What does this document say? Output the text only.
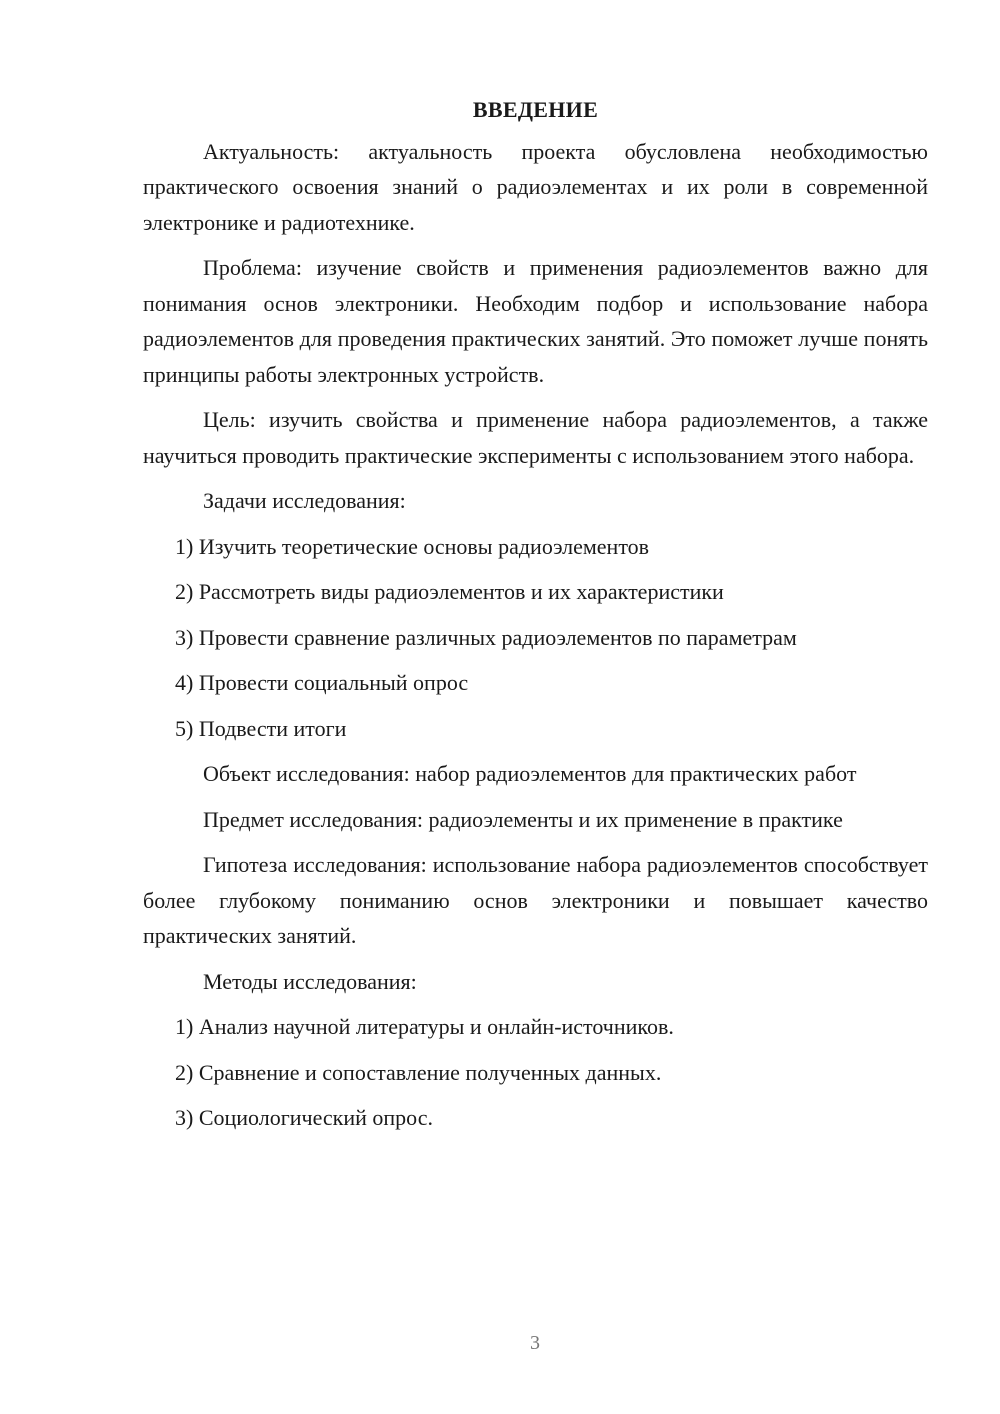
ВВЕДЕНИЕ

Актуальность: актуальность проекта обусловлена необходимостью практического освоения знаний о радиоэлементах и их роли в современной электронике и радиотехнике.

Проблема: изучение свойств и применения радиоэлементов важно для понимания основ электроники. Необходим подбор и использование набора радиоэлементов для проведения практических занятий. Это поможет лучше понять принципы работы электронных устройств.

Цель: изучить свойства и применение набора радиоэлементов, а также научиться проводить практические эксперименты с использованием этого набора.

Задачи исследования:

1) Изучить теоретические основы радиоэлементов

2) Рассмотреть виды радиоэлементов и их характеристики

3) Провести сравнение различных радиоэлементов по параметрам

4) Провести социальный опрос

5) Подвести итоги

Объект исследования: набор радиоэлементов для практических работ

Предмет исследования: радиоэлементы и их применение в практике

Гипотеза исследования: использование набора радиоэлементов способствует более глубокому пониманию основ электроники и повышает качество практических занятий.

Методы исследования:

1) Анализ научной литературы и онлайн-источников.

2) Сравнение и сопоставление полученных данных.

3) Социологический опрос.

3
